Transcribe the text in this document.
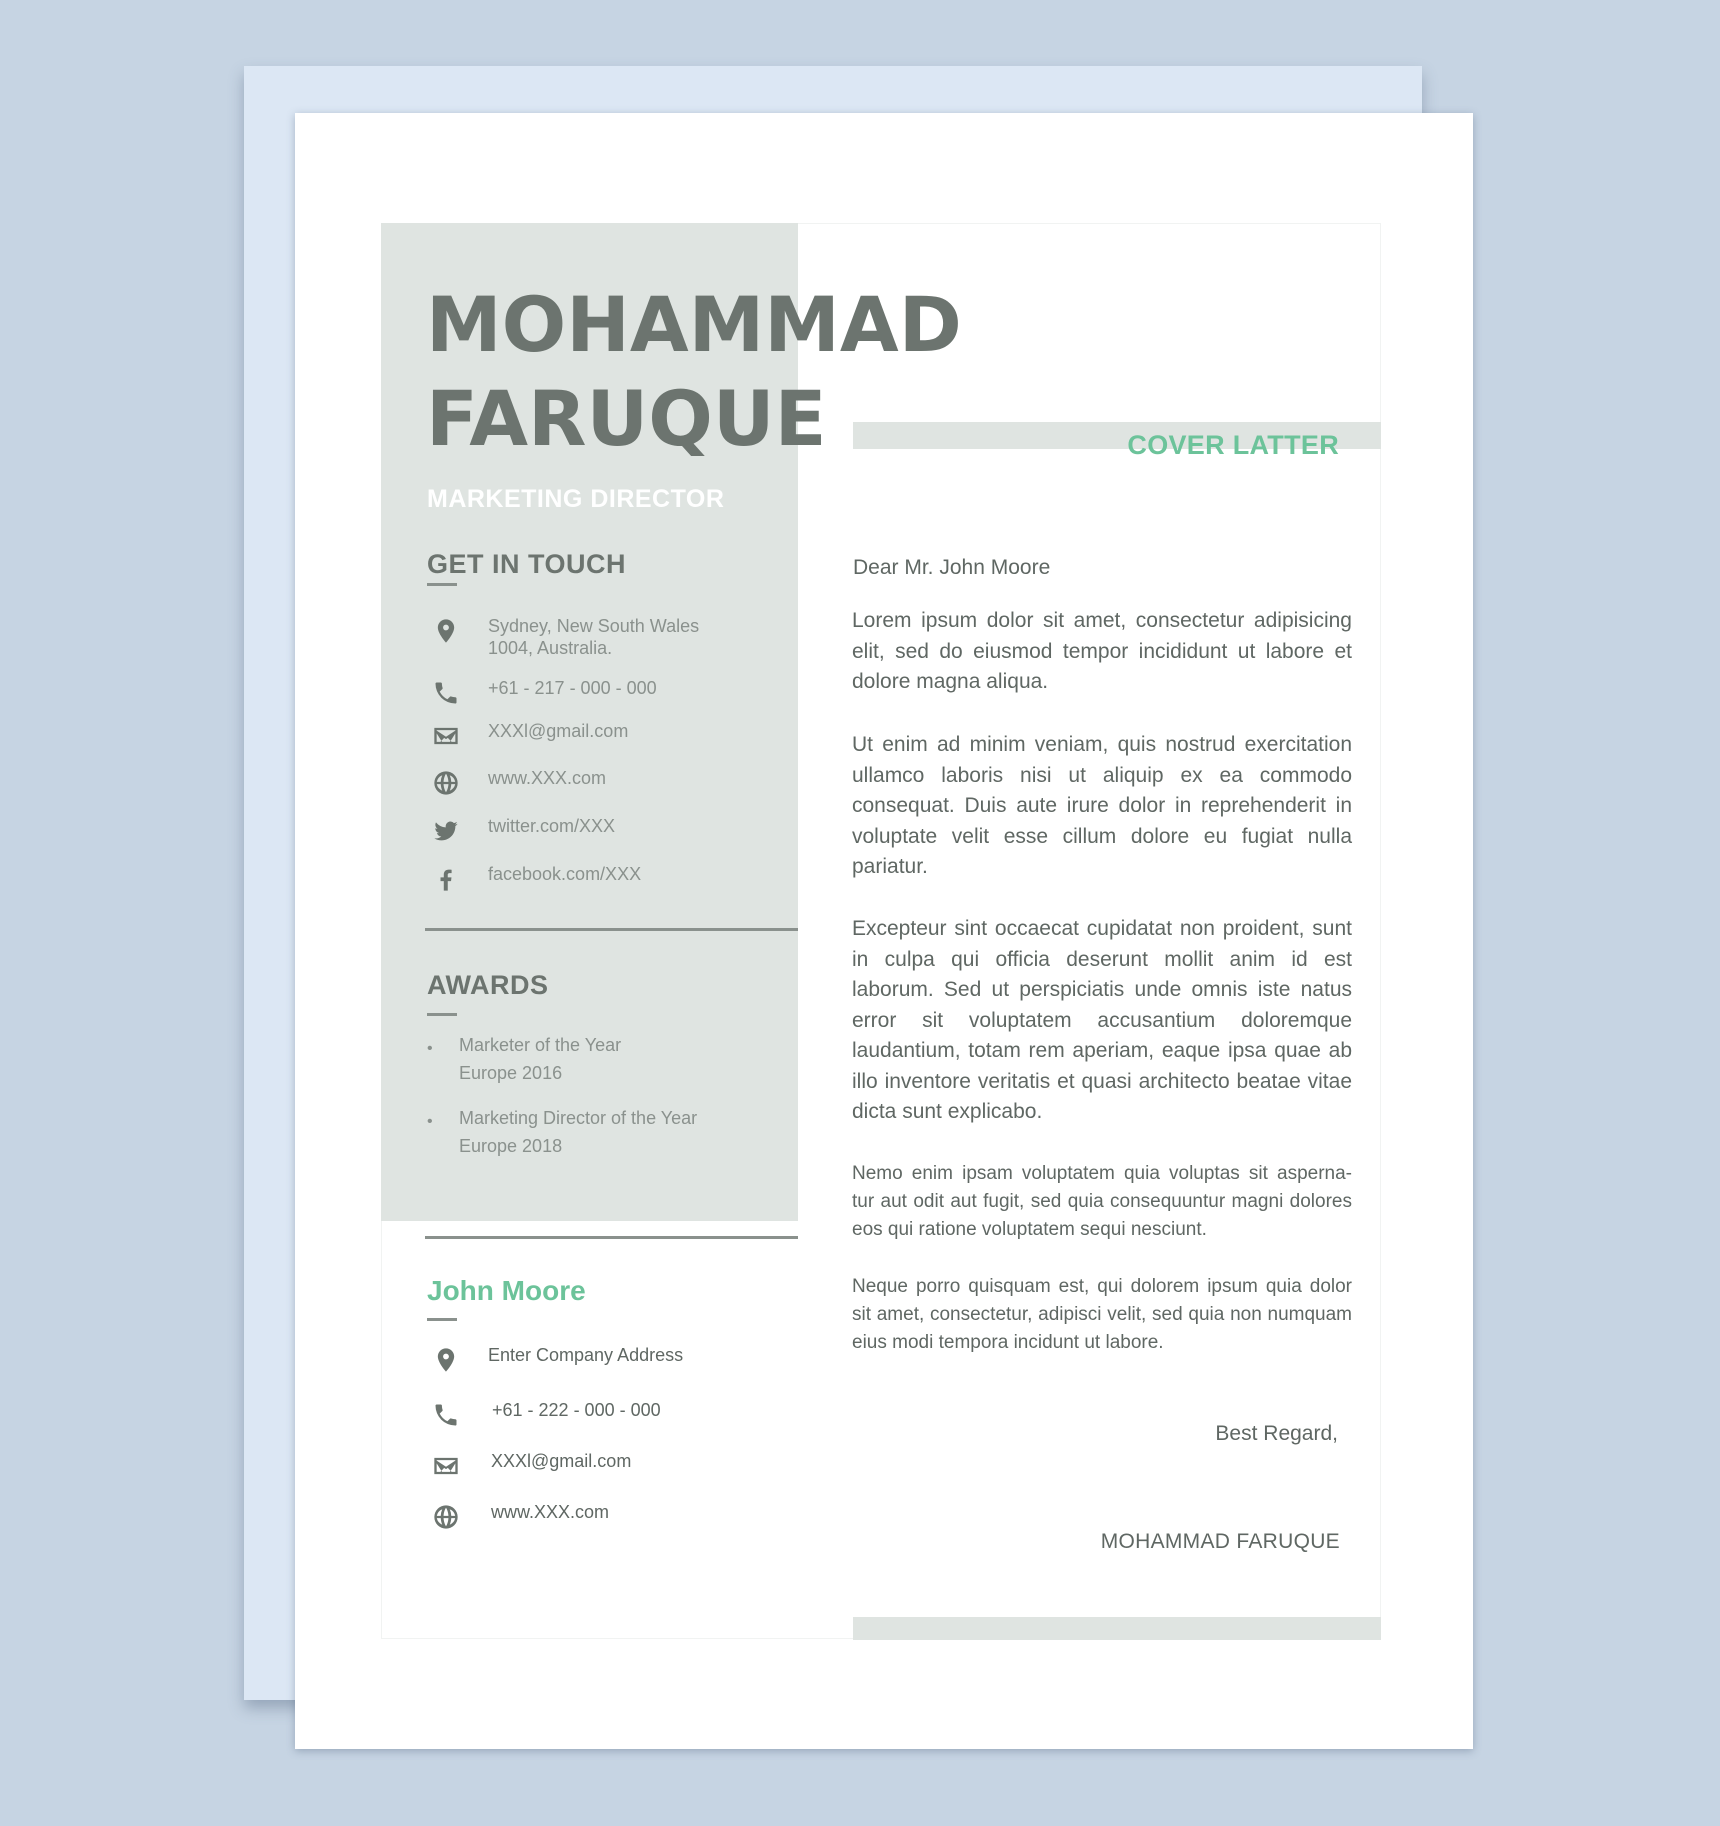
MOHAMMAD
FARUQUE
MARKETING DIRECTOR
GET IN TOUCH
Sydney, New South Wales
1004, Australia.
+61 - 217 - 000 - 000
XXXl@gmail.com
www.XXX.com
twitter.com/XXX
facebook.com/XXX
AWARDS
•	Marketer of the Year
Europe 2016
•	Marketing Director of the Year
Europe 2018
John Moore
Enter Company Address
+61 - 222 - 000 - 000
XXXl@gmail.com
www.XXX.com
COVER LATTER
Dear Mr. John Moore

Lorem ipsum dolor sit amet, consectetur adipisicing elit, sed do eiusmod tempor incididunt ut labore et dolore magna aliqua.

Ut enim ad minim veniam, quis nostrud exercitation ullamco laboris nisi ut aliquip ex ea commodo consequat. Duis aute irure dolor in reprehenderit in voluptate velit esse cillum dolore eu fugiat nulla pariatur.

Excepteur sint occaecat cupidatat non proident, sunt in culpa qui officia deserunt mollit anim id est laborum. Sed ut perspiciatis unde omnis iste natus error sit voluptatem accusantium doloremque laudantium, totam rem aperiam, eaque ipsa quae ab illo inventore veritatis et quasi architecto beatae vitae dicta sunt explicabo.

Nemo enim ipsam voluptatem quia voluptas sit asperna- tur aut odit aut fugit, sed quia consequuntur magni dolores eos qui ratione voluptatem sequi nesciunt.

Neque porro quisquam est, qui dolorem ipsum quia dolor sit amet, consectetur, adipisci velit, sed quia non numquam eius modi tempora incidunt ut labore.

Best Regard,
MOHAMMAD FARUQUE
